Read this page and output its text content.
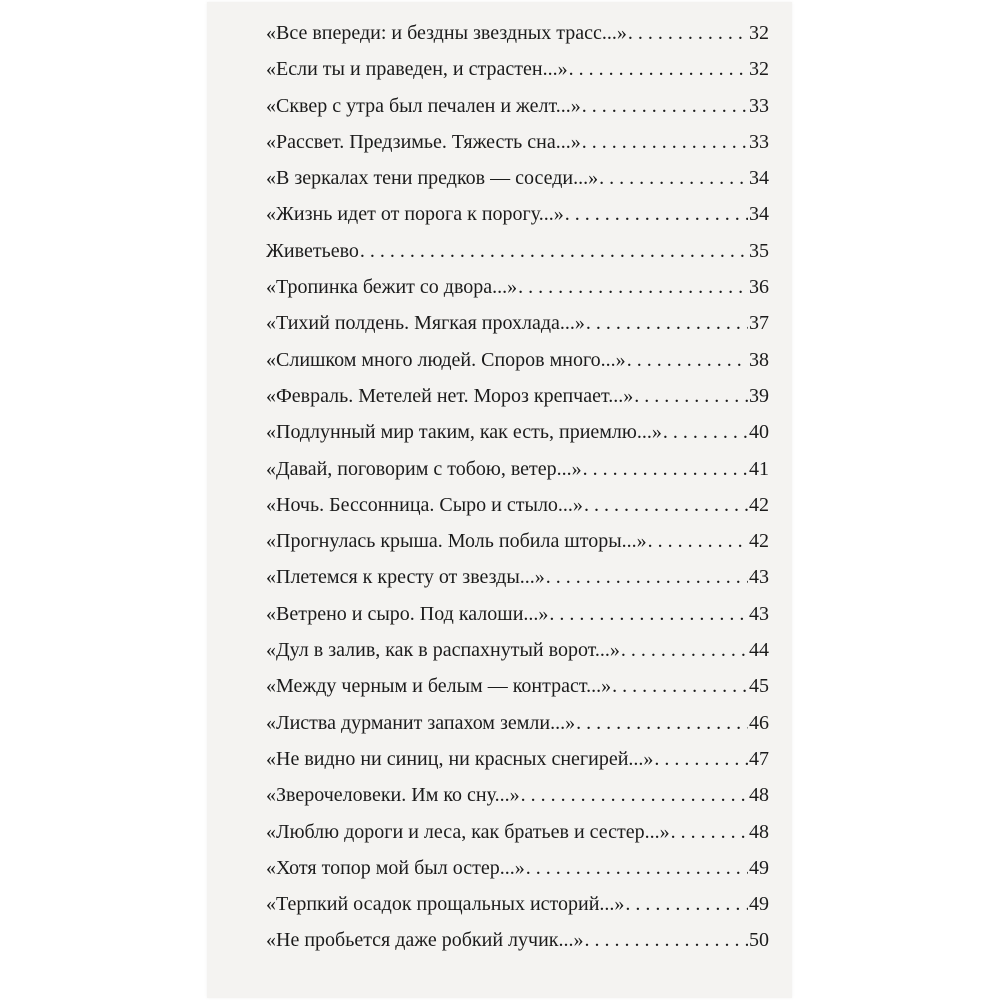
«Все впереди: и бездны звездных трасс...» . . .	32
«Если ты и праведен, и страстен...» . . .	32
«Сквер с утра был печален и желт...» . . .	33
«Рассвет. Предзимье. Тяжесть сна...» . . .	33
«В зеркалах тени предков — соседи...» . . .	34
«Жизнь идет от порога к порогу...» . . .	34
Живетьево . . .	35
«Тропинка бежит со двора...» . . .	36
«Тихий полдень. Мягкая прохлада...» . . .	37
«Слишком много людей. Споров много...» . . .	38
«Февраль. Метелей нет. Мороз крепчает...» . . .	39
«Подлунный мир таким, как есть, приемлю...» . . .	40
«Давай, поговорим с тобою, ветер...» . . .	41
«Ночь. Бессонница. Сыро и стыло...» . . .	42
«Прогнулась крыша. Моль побила шторы...» . . .	42
«Плетемся к кресту от звезды...» . . .	43
«Ветрено и сыро. Под калоши...» . . .	43
«Дул в залив, как в распахнутый ворот...» . . .	44
«Между черным и белым — контраст...» . . .	45
«Листва дурманит запахом земли...» . . .	46
«Не видно ни синиц, ни красных снегирей...» . . .	47
«Зверочеловеки. Им ко сну...» . . .	48
«Люблю дороги и леса, как братьев и сестер...» . . .	48
«Хотя топор мой был остер...» . . .	49
«Терпкий осадок прощальных историй...» . . .	49
«Не пробьется даже робкий лучик...» . . .	50
